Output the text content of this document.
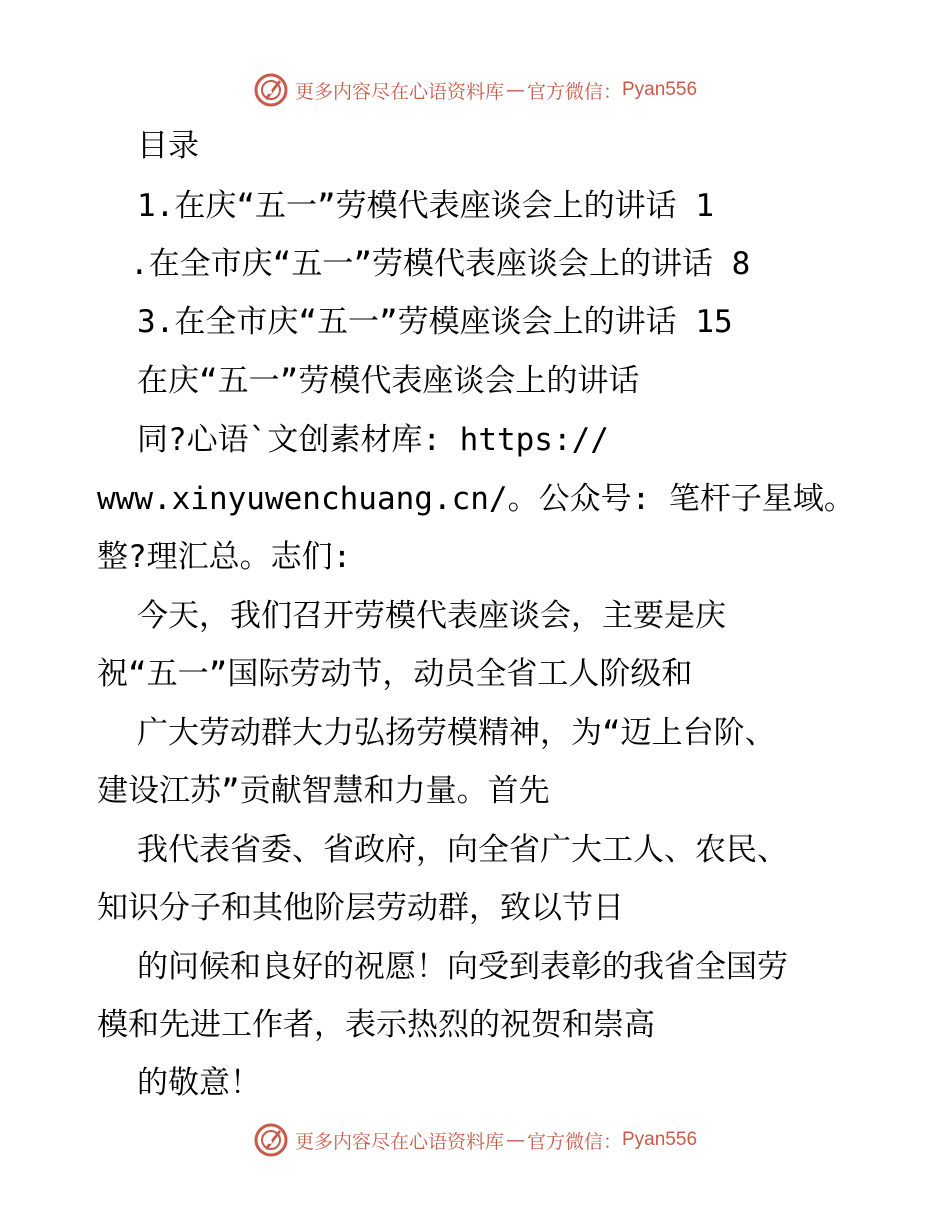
更多内容尽在心语资料库 — 官方微信： Pyan556
目录
1.在庆“五一”劳模代表座谈会上的讲话 1
.在全市庆“五一”劳模代表座谈会上的讲话 8
3.在全市庆“五一”劳模座谈会上的讲话 15
在庆“五一”劳模代表座谈会上的讲话
同?心语`文创素材库: https://
www.xinyuwenchuang.cn/。公众号: 笔杆子星域。
整?理汇总。志们:
今天，我们召开劳模代表座谈会，主要是庆
祝“五一”国际劳动节，动员全省工人阶级和
广大劳动群大力弘扬劳模精神，为“迈上台阶、
建设江苏”贡献智慧和力量。首先
我代表省委、省政府，向全省广大工人、农民、
知识分子和其他阶层劳动群，致以节日
的问候和良好的祝愿！向受到表彰的我省全国劳
模和先进工作者，表示热烈的祝贺和崇高
的敬意！
更多内容尽在心语资料库 — 官方微信： Pyan556
